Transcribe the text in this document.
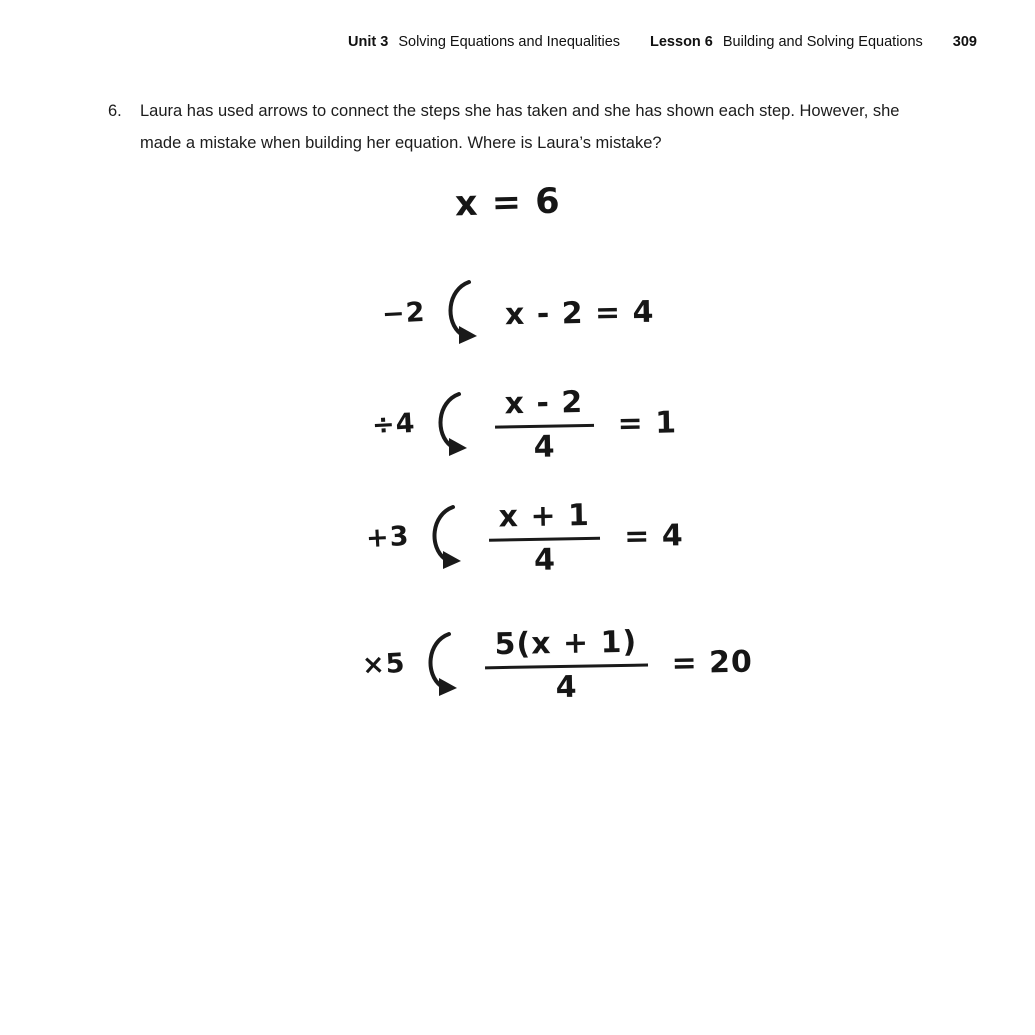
Unit 3 Solving Equations and Inequalities Lesson 6 Building and Solving Equations 309
6.	Laura has used arrows to connect the steps she has taken and she has shown each step. However, she made a mistake when building her equation. Where is Laura’s mistake?
x = 6
−2	x - 2 = 4
÷4	$\frac{x - 2}{4} = 1$
+3	$\frac{x + 1}{4} = 4$
×5	$\frac{5(x + 1)}{4} = 20$
